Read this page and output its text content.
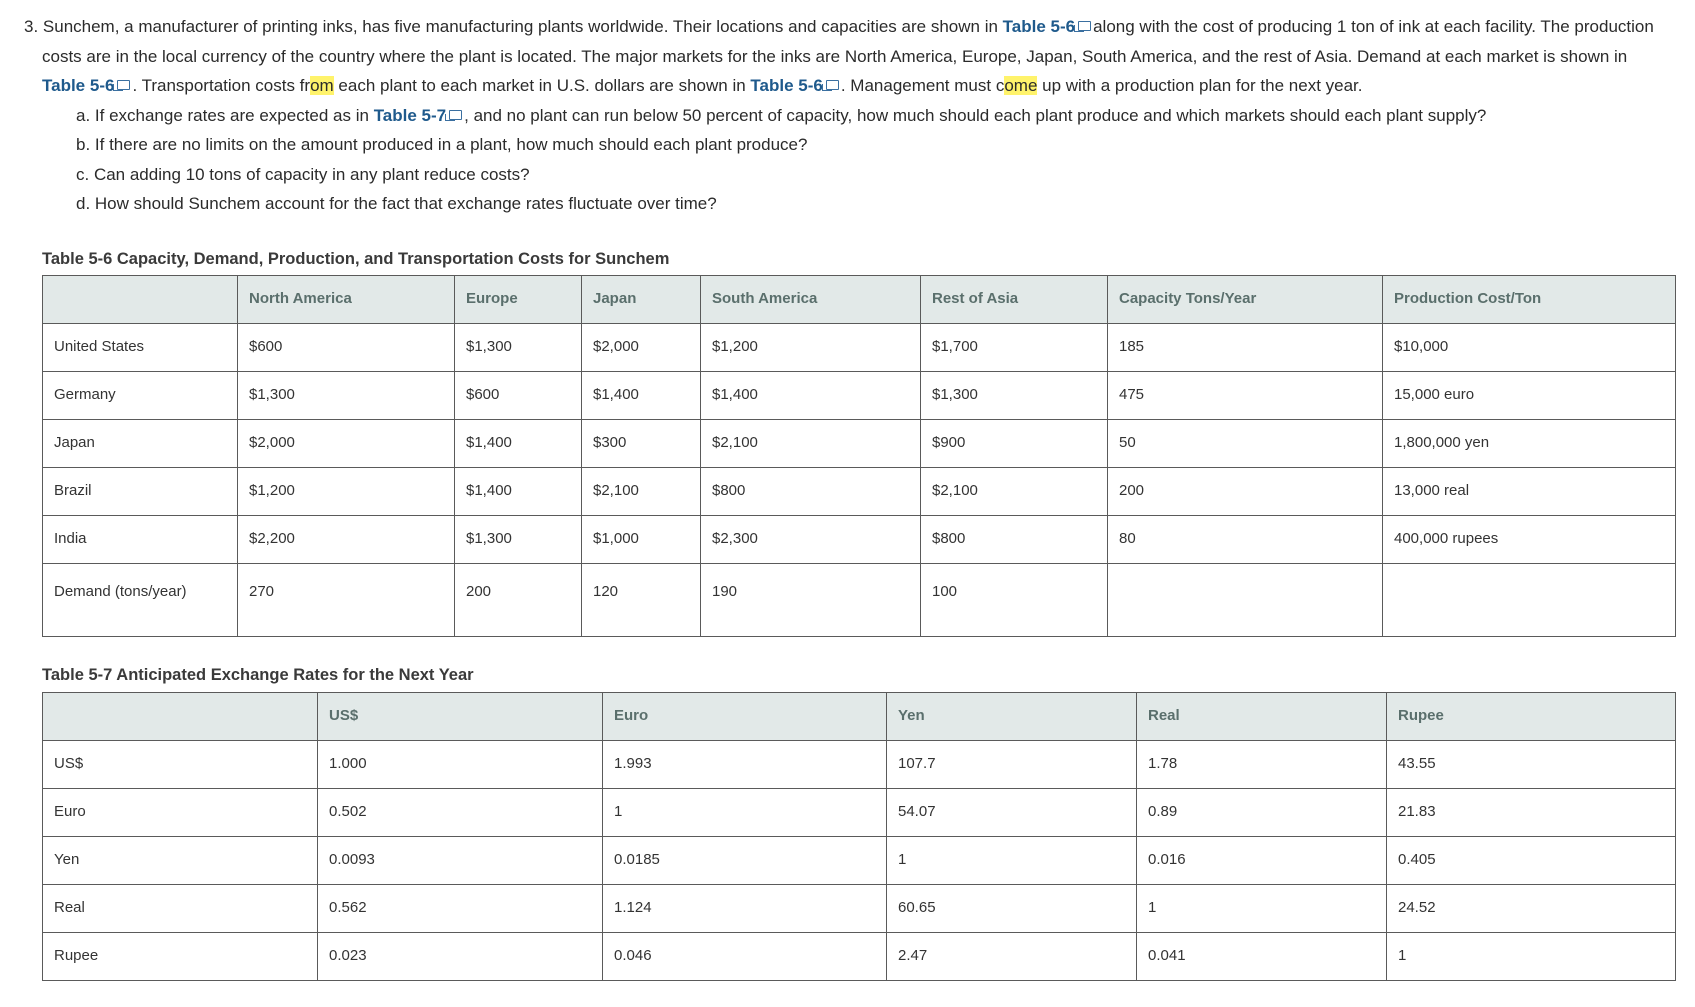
3. Sunchem, a manufacturer of printing inks, has five manufacturing plants worldwide. Their locations and capacities are shown in Table 5-6 along with the cost of producing 1 ton of ink at each facility. The production costs are in the local currency of the country where the plant is located. The major markets for the inks are North America, Europe, Japan, South America, and the rest of Asia. Demand at each market is shown in Table 5-6 . Transportation costs from each plant to each market in U.S. dollars are shown in Table 5-6 . Management must come up with a production plan for the next year.

a. If exchange rates are expected as in Table 5-7 , and no plant can run below 50 percent of capacity, how much should each plant produce and which markets should each plant supply?
b. If there are no limits on the amount produced in a plant, how much should each plant produce?
c. Can adding 10 tons of capacity in any plant reduce costs?
d. How should Sunchem account for the fact that exchange rates fluctuate over time?
Table 5-6 Capacity, Demand, Production, and Transportation Costs for Sunchem
	North America	Europe	Japan	South America	Rest of Asia	Capacity Tons/Year	Production Cost/Ton
United States	$600	$1,300	$2,000	$1,200	$1,700	185	$10,000
Germany	$1,300	$600	$1,400	$1,400	$1,300	475	15,000 euro
Japan	$2,000	$1,400	$300	$2,100	$900	50	1,800,000 yen
Brazil	$1,200	$1,400	$2,100	$800	$2,100	200	13,000 real
India	$2,200	$1,300	$1,000	$2,300	$800	80	400,000 rupees
Demand (tons/year)	270	200	120	190	100		
Table 5-7 Anticipated Exchange Rates for the Next Year
	US$	Euro	Yen	Real	Rupee
US$	1.000	1.993	107.7	1.78	43.55
Euro	0.502	1	54.07	0.89	21.83
Yen	0.0093	0.0185	1	0.016	0.405
Real	0.562	1.124	60.65	1	24.52
Rupee	0.023	0.046	2.47	0.041	1
